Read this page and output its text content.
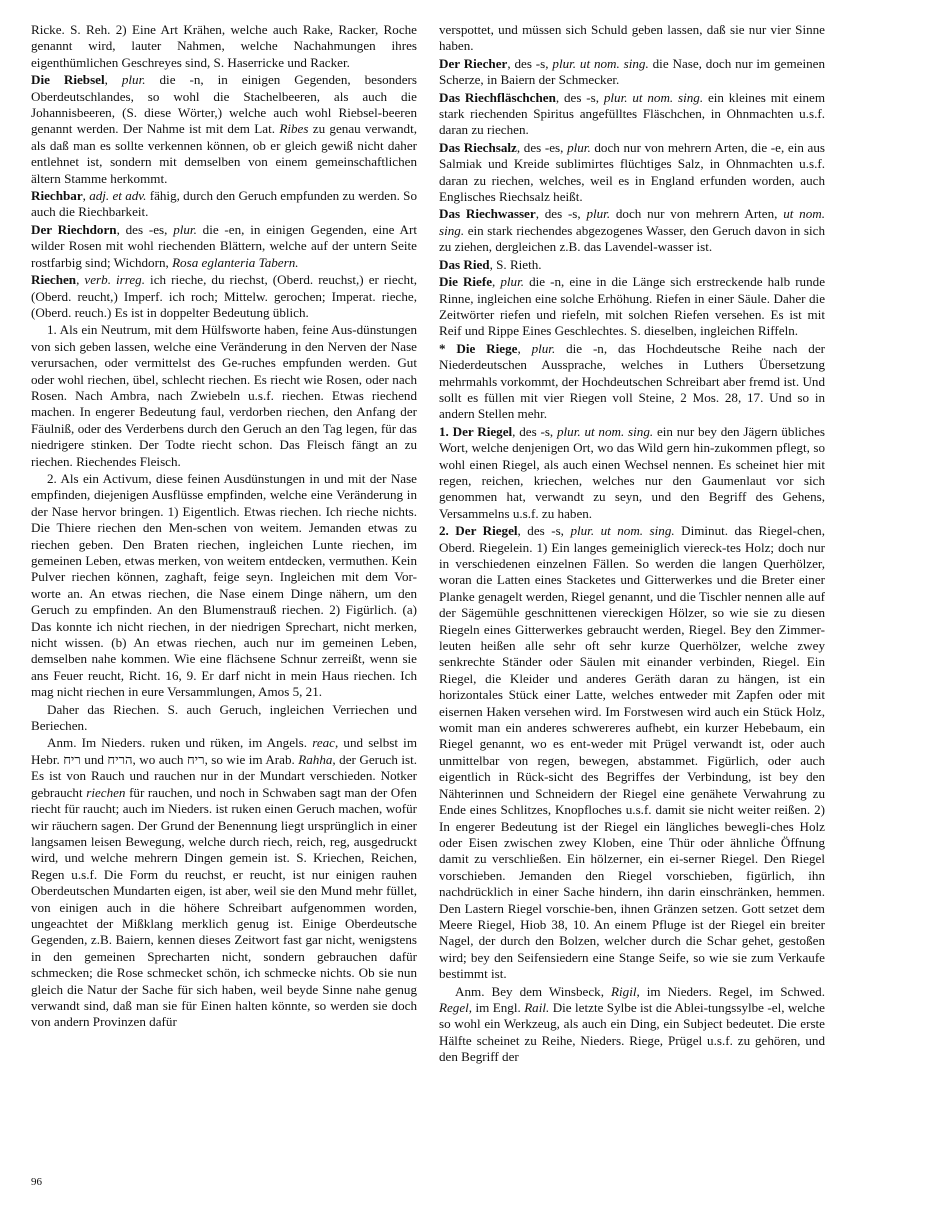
Ricke. S. Reh. 2) Eine Art Krähen, welche auch Rake, Racker, Roche genannt wird, lauter Nahmen, welche Nachahmungen ihres eigenthümlichen Geschreyes sind, S. Haserricke und Racker.

Die Riebsel, plur. die -n, in einigen Gegenden, besonders Oberdeutschlandes, so wohl die Stachelbeeren, als auch die Johannisbeeren, (S. diese Wörter,) welche auch wohl Riebsel-beeren genannt werden. Der Nahme ist mit dem Lat. Ribes zu genau verwandt, als daß man es sollte verkennen können, ob er gleich gewiß nicht daher entlehnet ist, sondern mit demselben von einem gemeinschaftlichen ältern Stamme herkommt.

Riechbar, adj. et adv. fähig, durch den Geruch empfunden zu werden. So auch die Riechbarkeit.

Der Riechdorn, des -es, plur. die -en, in einigen Gegenden, eine Art wilder Rosen mit wohl riechenden Blättern, welche auf der untern Seite rostfarbig sind; Wichdorn, Rosa eglanteria Tabern.

Riechen, verb. irreg. ich rieche, du riechst, (Oberd. reuchst,) er riecht, (Oberd. reucht,) Imperf. ich roch; Mittelw. gerochen; Imperat. rieche, (Oberd. reuch.) Es ist in doppelter Bedeutung üblich.

1. Als ein Neutrum, mit dem Hülfsworte haben, feine Aus-dünstungen von sich geben lassen, welche eine Veränderung in den Nerven der Nase verursachen, oder vermittelst des Ge-ruches empfunden werden. Gut oder wohl riechen, übel, schlecht riechen. Es riecht wie Rosen, oder nach Rosen. Nach Ambra, nach Zwiebeln u.s.f. riechen. Etwas riechend machen. In engerer Bedeutung faul, verdorben riechen, den Anfang der Fäulniß, oder des Verderbens durch den Geruch an den Tag legen, für das niedrigere stinken. Der Todte riecht schon. Das Fleisch fängt an zu riechen. Riechendes Fleisch.

2. Als ein Activum, diese feinen Ausdünstungen in und mit der Nase empfinden, diejenigen Ausflüsse empfinden, welche eine Veränderung in der Nase hervor bringen. 1) Eigentlich. Etwas riechen. Ich rieche nichts. Die Thiere riechen den Men-schen von weitem. Jemanden etwas zu riechen geben. Den Braten riechen, ingleichen Lunte riechen, im gemeinen Leben, etwas merken, von weitem entdecken, vermuthen. Kein Pulver riechen können, zaghaft, feige seyn. Ingleichen mit dem Vor-worte an. An etwas riechen, die Nase einem Dinge nähern, um den Geruch zu empfinden. An den Blumenstrauß riechen. 2) Figürlich. (a) Das konnte ich nicht riechen, in der niedrigen Sprechart, nicht merken, nicht wissen. (b) An etwas riechen, auch nur im gemeinen Leben, demselben nahe kommen. Wie eine flächsene Schnur zerreißt, wenn sie ans Feuer reucht, Richt. 16, 9. Er darf nicht in mein Haus riechen. Ich mag nicht riechen in eure Versammlungen, Amos 5, 21.

Daher das Riechen. S. auch Geruch, ingleichen Verriechen und Beriechen.

Anm. Im Nieders. ruken und rüken, im Angels. reac, und selbst im Hebr. ריח und הריח, wo auch ריח, so wie im Arab. Rahha, der Geruch ist. Es ist von Rauch und rauchen nur in der Mundart verschieden. Notker gebraucht riechen für rauchen, und noch in Schwaben sagt man der Ofen riecht für raucht; auch im Nieders. ist ruken einen Geruch machen, wofür wir räuchern sagen. Der Grund der Benennung liegt ursprünglich in einer langsamen leisen Bewegung, welche durch riech, reich, reg, ausgedruckt wird, und welche mehrern Dingen gemein ist. S. Kriechen, Reichen, Regen u.s.f. Die Form du reuchst, er reucht, ist nur einigen rauhen Oberdeutschen Mundarten eigen, ist aber, weil sie den Mund mehr füllet, von einigen auch in die höhere Schreibart aufgenommen worden, ungeachtet der Mißklang merklich genug ist. Einige Oberdeutsche Gegenden, z.B. Baiern, kennen dieses Zeitwort fast gar nicht, wenigstens in den gemeinen Sprecharten nicht, sondern gebrauchen dafür schmecken; die Rose schmecket schön, ich schmecke nichts. Ob sie nun gleich die Natur der Sache für sich haben, weil beyde Sinne nahe genug verwandt sind, daß man sie für Einen halten könnte, so werden sie doch von andern Provinzen dafür

verspottet, und müssen sich Schuld geben lassen, daß sie nur vier Sinne haben.

Der Riecher, des -s, plur. ut nom. sing. die Nase, doch nur im gemeinen Scherze, in Baiern der Schmecker.

Das Riechfläschchen, des -s, plur. ut nom. sing. ein kleines mit einem stark riechenden Spiritus angefülltes Fläschchen, in Ohnmachten u.s.f. daran zu riechen.

Das Riechsalz, des -es, plur. doch nur von mehrern Arten, die -e, ein aus Salmiak und Kreide sublimirtes flüchtiges Salz, in Ohnmachten u.s.f. daran zu riechen, welches, weil es in England erfunden worden, auch Englisches Riechsalz heißt.

Das Riechwasser, des -s, plur. doch nur von mehrern Arten, ut nom. sing. ein stark riechendes abgezogenes Wasser, den Geruch davon in sich zu ziehen, dergleichen z.B. das Lavendel-wasser ist.

Das Ried, S. Rieth.

Die Riefe, plur. die -n, eine in die Länge sich erstreckende halb runde Rinne, ingleichen eine solche Erhöhung. Riefen in einer Säule. Daher die Zeitwörter riefen und riefeln, mit solchen Riefen versehen. Es ist mit Reif und Rippe Eines Geschlechtes. S. dieselben, ingleichen Riffeln.

* Die Riege, plur. die -n, das Hochdeutsche Reihe nach der Niederdeutschen Aussprache, welches in Luthers Übersetzung mehrmahls vorkommt, der Hochdeutschen Schreibart aber fremd ist. Und sollt es füllen mit vier Riegen voll Steine, 2 Mos. 28, 17. Und so in andern Stellen mehr.

1. Der Riegel, des -s, plur. ut nom. sing. ein nur bey den Jägern übliches Wort, welche denjenigen Ort, wo das Wild gern hin-zukommen pflegt, so wohl einen Riegel, als auch einen Wechsel nennen. Es scheinet hier mit regen, reichen, kriechen, welches nur den Gaumenlaut vor sich genommen hat, verwandt zu seyn, und den Begriff des Gehens, Versammelns u.s.f. zu haben.

2. Der Riegel, des -s, plur. ut nom. sing. Diminut. das Riegel-chen, Oberd. Riegelein. 1) Ein langes gemeiniglich viereck-tes Holz; doch nur in verschiedenen einzelnen Fällen. So werden die langen Querhölzer, woran die Latten eines Stacketes und Gitterwerkes und die Breter einer Planke genagelt werden, Riegel genannt, und die Tischler nennen alle auf der Sägemühle geschnittenen viereckigen Hölzer, so wie sie zu diesen Riegeln eines Gitterwerkes gebraucht werden, Riegel. Bey den Zimmer-leuten heißen alle sehr oft sehr kurze Querhölzer, welche zwey senkrechte Ständer oder Säulen mit einander verbinden, Riegel. Ein Riegel, die Kleider und anderes Geräth daran zu hängen, ist ein horizontales Stück einer Latte, welches entweder mit Zapfen oder mit eisernen Haken versehen wird. Im Forstwesen wird auch ein Stück Holz, womit man ein anderes schwereres aufhebt, ein kurzer Hebebaum, ein Riegel genannt, wo es ent-weder mit Prügel verwandt ist, oder auch unmittelbar von regen, bewegen, abstammet. Figürlich, oder auch eigentlich in Rück-sicht des Begriffes der Verbindung, ist bey den Nähterinnen und Schneidern der Riegel eine genähete Verwahrung zu Ende eines Schlitzes, Knopfloches u.s.f. damit sie nicht weiter reißen. 2) In engerer Bedeutung ist der Riegel ein längliches bewegli-ches Holz oder Eisen zwischen zwey Kloben, eine Thür oder ähnliche Öffnung damit zu verschließen. Ein hölzerner, ein ei-serner Riegel. Den Riegel vorschieben. Jemanden den Riegel vorschieben, figürlich, ihn nachdrücklich in einer Sache hindern, ihn darin einschränken, hemmen. Den Lastern Riegel vorschie-ben, ihnen Gränzen setzen. Gott setzet dem Meere Riegel, Hiob 38, 10. An einem Pfluge ist der Riegel ein breiter Nagel, der durch den Bolzen, welcher durch die Schar gehet, gestoßen wird; bey den Seifensiedern eine Stange Seife, so wie sie zum Verkaufe bestimmt ist.

Anm. Bey dem Winsbeck, Rigil, im Nieders. Regel, im Schwed. Regel, im Engl. Rail. Die letzte Sylbe ist die Ablei-tungssylbe -el, welche so wohl ein Werkzeug, als auch ein Ding, ein Subject bedeutet. Die erste Hälfte scheinet zu Reihe, Nieders. Riege, Prügel u.s.f. zu gehören, und den Begriff der

96
